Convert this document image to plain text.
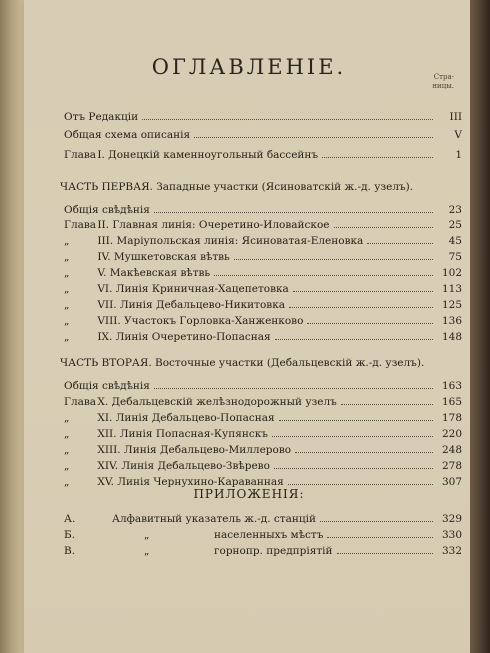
ОГЛАВЛЕНІЕ.	Стра-
ницы.
Отъ Редакціи	III
Общая схема описанія	V
Глава I. Донецкій каменноугольный бассейнъ	1
ЧАСТЬ ПЕРВАЯ. Западные участки (Ясиноватскій ж.-д. узелъ).
Общія свѣдѣнія	23
Глава II. Главная линія: Очеретино-Иловайское	25
„	III. Маріупольская линія: Ясиноватая-Еленовка	45
„	IV. Мушкетовская вѣтвь	75
„	V. Макѣевская вѣтвь	102
„	VI. Линія Криничная-Хацепетовка	113
„	VII. Линія Дебальцево-Никитовка	125
„	VIII. Участокъ Горловка-Ханженково	136
„	IX. Линія Очеретино-Попасная	148
ЧАСТЬ ВТОРАЯ. Восточные участки (Дебальцевскій ж.-д. узелъ).
Общія свѣдѣнія	163
Глава X. Дебальцевскій желѣзнодорожный узелъ	165
„	XI. Линія Дебальцево-Попасная	178
„	XII. Линія Попасная-Купянскъ	220
„	XIII. Линія Дебальцево-Миллерово	248
„	XIV. Линія Дебальцево-Звѣрево	278
„	XV. Линія Чернухино-Караванная	307
ПРИЛОЖЕНІЯ:
А.	Алфавитный указатель ж.-д. станцій	329
Б.	„	населенныхъ мѣстъ	330
В.	„	горнопр. предпріятій	332
